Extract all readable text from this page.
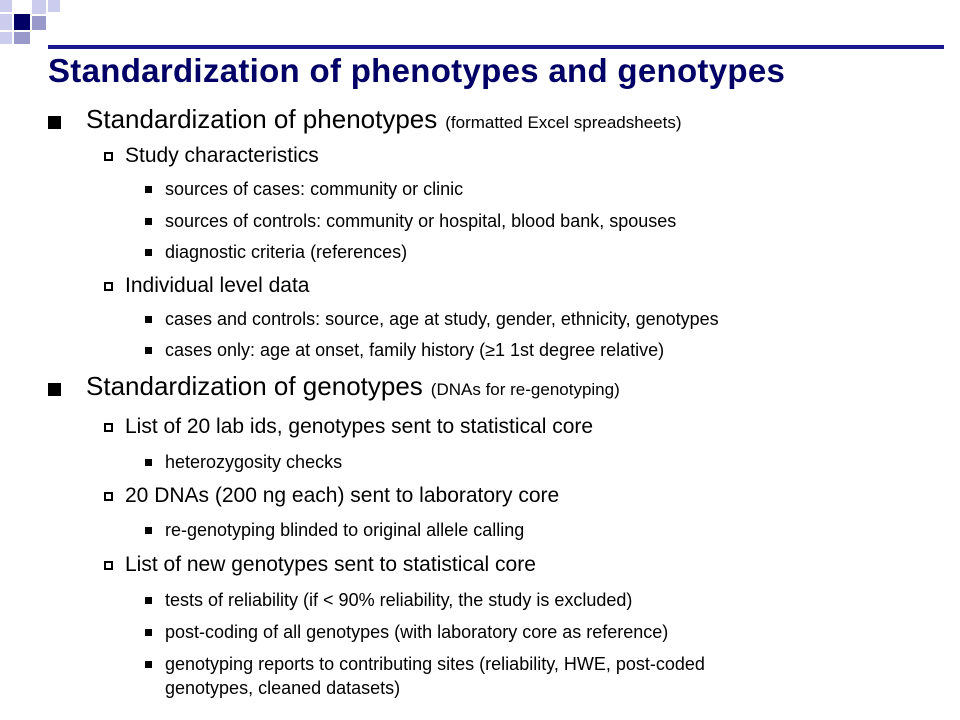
Standardization of phenotypes and genotypes
Standardization of phenotypes (formatted Excel spreadsheets)
Study characteristics
sources of cases: community or clinic
sources of controls: community or hospital, blood bank, spouses
diagnostic criteria (references)
Individual level data
cases and controls: source, age at study, gender, ethnicity, genotypes
cases only: age at onset, family history (≥1 1st degree relative)
Standardization of genotypes (DNAs for re-genotyping)
List of 20 lab ids, genotypes sent to statistical core
heterozygosity checks
20 DNAs (200 ng each) sent to laboratory core
re-genotyping blinded to original allele calling
List of new genotypes sent to statistical core
tests of reliability (if < 90% reliability, the study is excluded)
post-coding of all genotypes (with laboratory core as reference)
genotyping reports to contributing sites (reliability, HWE, post-coded
genotypes, cleaned datasets)
